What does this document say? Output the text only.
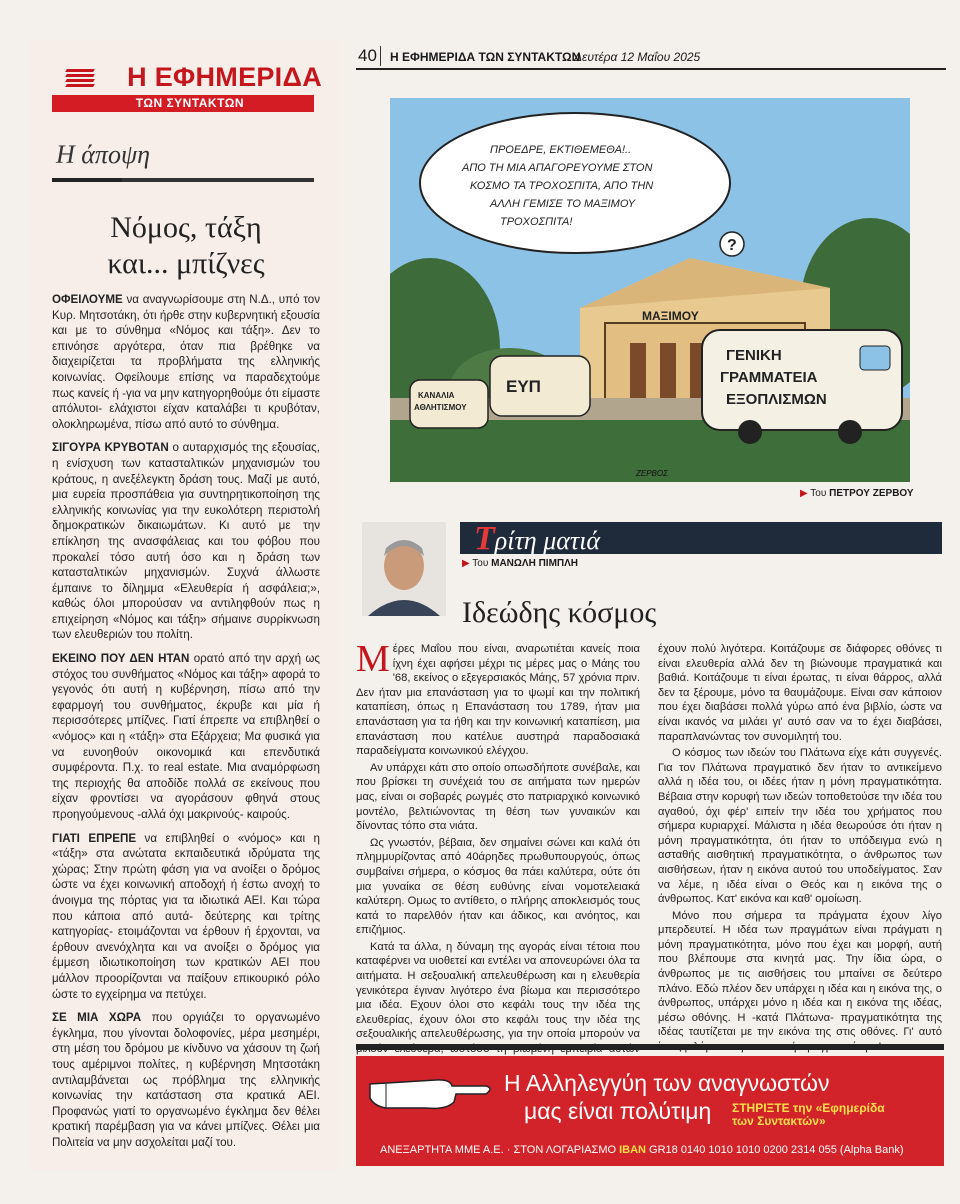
Η ΕΦΗΜΕΡΙΔΑ
ΤΩΝ ΣΥΝΤΑΚΤΩΝ
Η άποψη
Νόμος, τάξη
και... μπίζνες

ΟΦΕΙΛΟΥΜΕ να αναγνωρίσουμε στη Ν.Δ., υπό τον Κυρ. Μητσοτάκη, ότι ήρθε στην κυβερνητική εξουσία και με το σύνθημα «Νόμος και τάξη». Δεν το επινόησε αργότερα, όταν πια βρέθηκε να διαχειρίζεται τα προβλήματα της ελληνικής κοινωνίας. Οφείλουμε επίσης να παραδεχτούμε πως κανείς ή -για να μην κατηγορηθούμε ότι είμαστε απόλυτοι- ελάχιστοι είχαν καταλάβει τι κρυβόταν, ολοκληρωμένα, πίσω από αυτό το σύνθημα.

ΣΙΓΟΥΡΑ ΚΡΥΒΟΤΑΝ ο αυταρχισμός της εξουσίας, η ενίσχυση των κατασταλτικών μηχανισμών του κράτους, η ανεξέλεγκτη δράση τους. Μαζί με αυτό, μια ευρεία προσπάθεια για συντηρητικοποίηση της ελληνικής κοινωνίας για την ευκολότερη περιστολή δημοκρατικών δικαιωμάτων. Κι αυτό με την επίκληση της ανασφάλειας και του φόβου που προκαλεί τόσο αυτή όσο και η δράση των κατασταλτικών μηχανισμών. Συχνά άλλωστε έμπαινε το δίλημμα «Ελευθερία ή ασφάλεια;», καθώς όλοι μπορούσαν να αντιληφθούν πως η επιχείρηση «Νόμος και τάξη» σήμαινε συρρίκνωση των ελευθεριών του πολίτη.

ΕΚΕΙΝΟ ΠΟΥ ΔΕΝ ΗΤΑΝ ορατό από την αρχή ως στόχος του συνθήματος «Νόμος και τάξη» αφορά το γεγονός ότι αυτή η κυβέρνηση, πίσω από την εφαρμογή του συνθήματος, έκρυβε και μία ή περισσότερες μπίζνες. Γιατί έπρεπε να επιβληθεί ο «νόμος» και η «τάξη» στα Εξάρχεια; Μα φυσικά για να ευνοηθούν οικονομικά και επενδυτικά συμφέροντα. Π.χ. το real estate. Μια αναμόρφωση της περιοχής θα αποδίδε πολλά σε εκείνους που είχαν φροντίσει να αγοράσουν φθηνά στους προηγούμενους -αλλά όχι μακρινούς- καιρούς.

ΓΙΑΤΙ ΕΠΡΕΠΕ να επιβληθεί ο «νόμος» και η «τάξη» στα ανώτατα εκπαιδευτικά ιδρύματα της χώρας; Στην πρώτη φάση για να ανοίξει ο δρόμος ώστε να έχει κοινωνική αποδοχή ή έστω ανοχή το άνοιγμα της πόρτας για τα ιδιωτικά ΑΕΙ. Και τώρα που κάποια από αυτά- δεύτερης και τρίτης κατηγορίας- ετοιμάζονται να έρθουν ή έρχονται, να έρθουν ανενόχλητα και να ανοίξει ο δρόμος για έμμεση ιδιωτικοποίηση των κρατικών ΑΕΙ που μάλλον προορίζονται να παίξουν επικουρικό ρόλο ώστε το εγχείρημα να πετύχει.

ΣΕ ΜΙΑ ΧΩΡΑ που οργιάζει το οργανωμένο έγκλημα, που γίνονται δολοφονίες, μέρα μεσημέρι, στη μέση του δρόμου με κίνδυνο να χάσουν τη ζωή τους αμέριμνοι πολίτες, η κυβέρνηση Μητσοτάκη αντιλαμβάνεται ως πρόβλημα της ελληνικής κοινωνίας την κατάσταση στα κρατικά ΑΕΙ. Προφανώς γιατί το οργανωμένο έγκλημα δεν θέλει κρατική παρέμβαση για να κάνει μπίζνες. Θέλει μια Πολιτεία να μην ασχολείται μαζί του.

40 Η ΕΦΗΜΕΡΙΔΑ ΤΩΝ ΣΥΝΤΑΚΤΩΝ
Δευτέρα 12 Μαΐου 2025
ΜΑΞΙΜΟΥ
ΠΡΟΕΔΡΕ, ΕΚΤΙΘΕΜΕΘΑ!.. ΑΠΟ ΤΗ ΜΙΑ ΑΠΑΓΟΡΕΥΟΥΜΕ ΣΤΟΝ ΚΟΣΜΟ ΤΑ ΤΡΟΧΟΣΠΙΤΑ, ΑΠΟ ΤΗΝ ΑΛΛΗ ΓΕΜΙΣΕ ΤΟ ΜΑΞΙΜΟΥ ΤΡΟΧΟΣΠΙΤΑ!
?
ΚΑΝΑΛΙΑ ΑΘΛΗΤΙΣΜΟΥ
ΕΥΠ
ΓΕΝΙΚΗ ΓΡΑΜΜΑΤΕΙΑ ΕΞΟΠΛΙΣΜΩΝ
ΖΕΡΒΟΣ
▶ Του ΠΕΤΡΟΥ ΖΕΡΒΟΥ
Τρίτη ματιά
▶ Του ΜΑΝΩΛΗ ΠΙΜΠΛΗ
Ιδεώδης κόσμος

Μέρες Μαΐου που είναι, αναρωτιέται κανείς ποια ίχνη έχει αφήσει μέχρι τις μέρες μας ο Μάης του '68, εκείνος ο εξεγερσιακός Μάης, 57 χρόνια πριν. Δεν ήταν μια επανάσταση για το ψωμί και την πολιτική καταπίεση, όπως η Επανάσταση του 1789, ήταν μια επανάσταση για τα ήθη και την κοινωνική καταπίεση, μια επανάσταση που κατέλυε αυστηρά παραδοσιακά παραδείγματα κοινωνικού ελέγχου.

Αν υπάρχει κάτι στο οποίο οπωσδήποτε συνέβαλε, και που βρίσκει τη συνέχειά του σε αιτήματα των ημερών μας, είναι οι σοβαρές ρωγμές στο πατριαρχικό κοινωνικό μοντέλο, βελτιώνοντας τη θέση των γυναικών και δίνοντας τόπο στα νιάτα.

Ως γνωστόν, βέβαια, δεν σημαίνει σώνει και καλά ότι πλημμυρίζοντας από 40άρηδες πρωθυπουργούς, όπως συμβαίνει σήμερα, ο κόσμος θα πάει καλύτερα, ούτε ότι μια γυναίκα σε θέση ευθύνης είναι νομοτελειακά καλύτερη. Ομως το αντίθετο, ο πλήρης αποκλεισμός τους κατά το παρελθόν ήταν και άδικος, και ανόητος, και επιζήμιος.

Κατά τα άλλα, η δύναμη της αγοράς είναι τέτοια που καταφέρνει να υιοθετεί και εντέλει να απονευρώνει όλα τα αιτήματα. Η σεξουαλική απελευθέρωση και η ελευθερία γενικότερα έγιναν λιγότερο ένα βίωμα και περισσότερο μια ιδέα. Εχουν όλοι στο κεφάλι τους την ιδέα της ελευθερίας, έχουν όλοι στο κεφάλι τους την ιδέα της σεξουαλικής απελευθέρωσης, για την οποία μπορούν να

έχουν πολύ λιγότερα. Κοιτάζουμε σε διάφορες οθόνες τι είναι ελευθερία αλλά δεν τη βιώνουμε πραγματικά και βαθιά. Κοιτάζουμε τι είναι έρωτας, τι είναι θάρρος, αλλά δεν τα ξέρουμε, μόνο τα θαυμάζουμε. Είναι σαν κάποιον που έχει διαβάσει πολλά γύρω από ένα βιβλίο, ώστε να είναι ικανός να μιλάει γι' αυτό σαν να το έχει διαβάσει, παραπλανώντας τον συνομιλητή του.

Ο κόσμος των ιδεών του Πλάτωνα είχε κάτι συγγενές. Για τον Πλάτωνα πραγματικό δεν ήταν το αντικείμενο αλλά η ιδέα του, οι ιδέες ήταν η μόνη πραγματικότητα. Βέβαια στην κορυφή των ιδεών τοποθετούσε την ιδέα του αγαθού, όχι φέρ' ειπείν την ιδέα του χρήματος που σήμερα κυριαρχεί. Μάλιστα η ιδέα θεωρούσε ότι ήταν η μόνη πραγματικότητα, ότι ήταν το υπόδειγμα ενώ η ασταθής αισθητική πραγματικότητα, ο άνθρωπος των αισθήσεων, ήταν η εικόνα αυτού του υποδείγματος. Σαν να λέμε, η ιδέα είναι ο Θεός και η εικόνα της ο άνθρωπος. Κατ' εικόνα και καθ' ομοίωση.

Μόνο που σήμερα τα πράγματα έχουν λίγο μπερδευτεί. Η ιδέα των πραγμάτων είναι πράγματι η μόνη πραγματικότητα, μόνο που έχει και μορφή, αυτή που βλέπουμε στα κινητά μας. Την ίδια ώρα, ο άνθρωπος με τις αισθήσεις του μπαίνει σε δεύτερο πλάνο. Εδώ πλέον δεν υπάρχει η ιδέα και η εικόνα της, ο άνθρωπος, υπάρχει μόνο η ιδέα και η εικόνα της ιδέας, μέσω οθόνης. Η -κατά Πλάτωνα- πραγματικότητα της ιδέας ταυτίζεται με την εικόνα της στις οθόνες. Γι' αυτό

Η Αλληλεγγύη των αναγνωστών
μας είναι πολύτιμη ΣΤΗΡΙΞΤΕ την «Εφημερίδα των Συντακτών»
ΑΝΕΞΑΡΤΗΤΑ ΜΜΕ Α.Ε. · ΣΤΟΝ ΛΟΓΑΡΙΑΣΜΟ IBAN GR18 0140 1010 1010 0200 2314 055 (Alpha Bank)
